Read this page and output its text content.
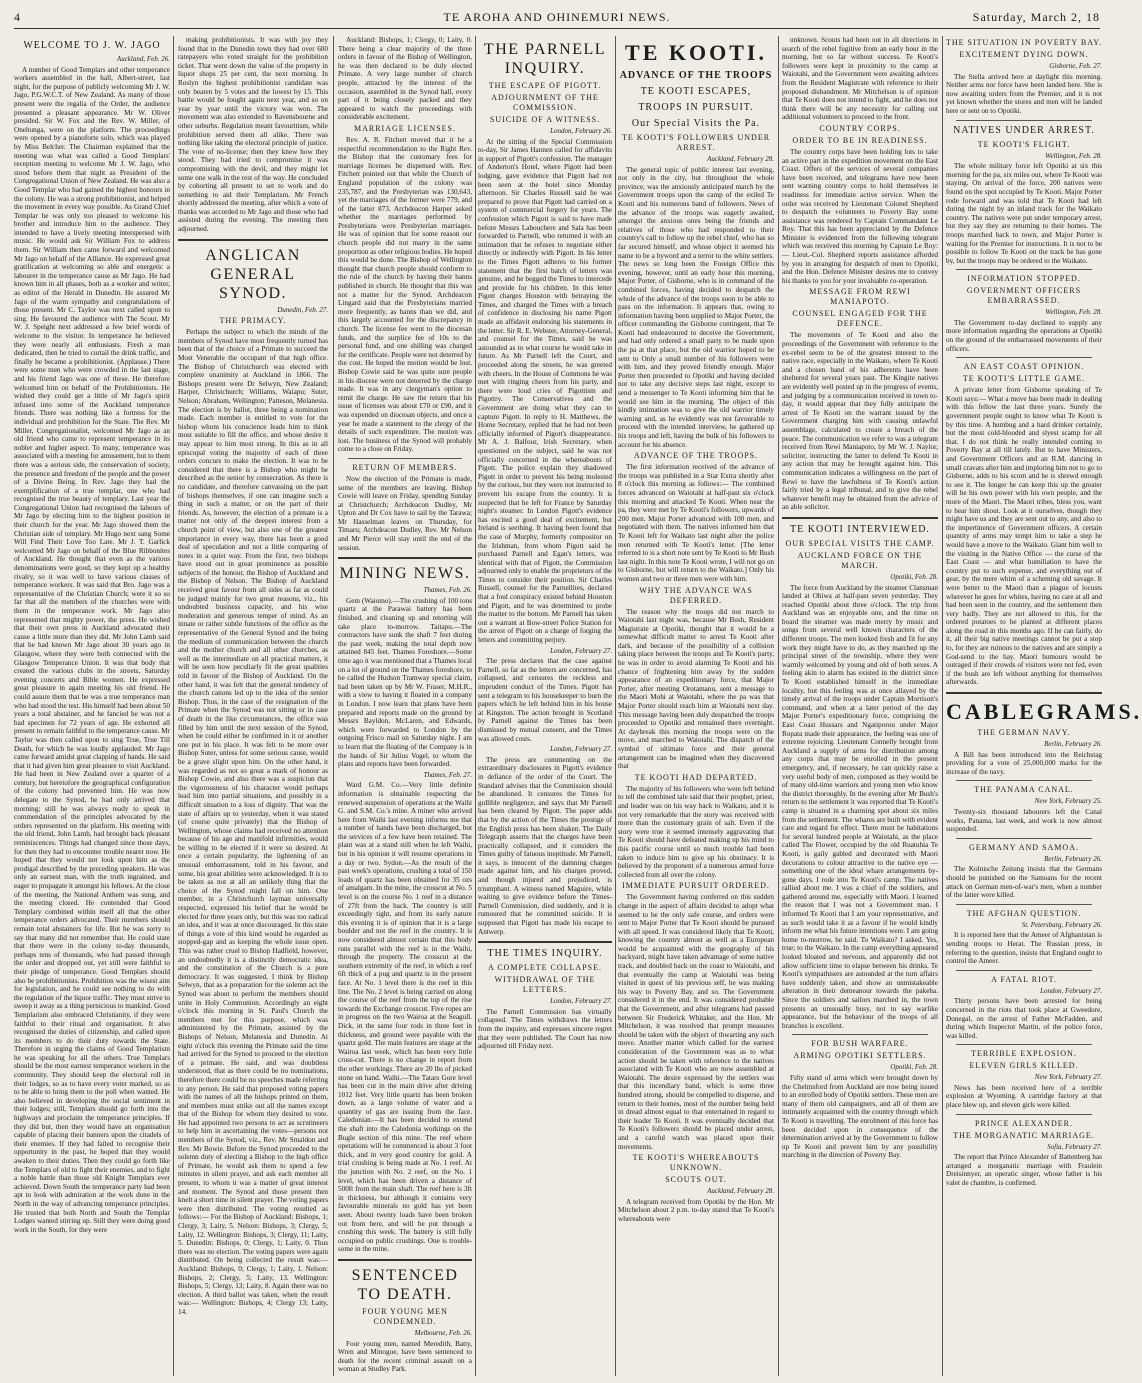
4	TE AROHA AND OHINEMURI NEWS.	Saturday, March 2, 18
WELCOME TO J. W. JAGO
Auckland, Feb. 26.

A number of Good Templars and other temperance workers assembled in the hall, Albert-street, last night, for the purpose of publicly welcoming Mr J. W. Jago, P.G.W.C.T. of New Zealand. As many of those present were the regalia of the Order, the audience presented a pleasant appearance. Mr W. Oliver presided. Sir W. Fox and the Rev. W. Miller, of Onehunga, were on the platform. The proceedings were opened by a pianoforte solo, which was played by Miss Belcher. The Chairman explained that the meeting was what was called a Good Templars' reception meeting to welcome Mr J. W. Jago, who stood before them that night as President of the Congregational Union of New Zealand. He was also a Good Templar who had gained the highest honours in the colony. He was a strong prohibitionist, and helped the movement in every way possible. As Grand Chief Templar he was only too pleased to welcome his brother and introduce him to the audience. They intended to have a lively meeting interspersed with music. He would ask Sir William Fox to address them. Sir William then came forward and welcomed Mr Jago on behalf of the Alliance. He expressed great gratification at welcoming so able and energetic a labourer in the temperance cause as Mr Jago. He had known him in all phases, both as a worker and writer, as editor of the Herald in Dunedin. He assured Mr Jago of the warm sympathy and congratulations of those present. Mr C. Taylor was next called upon to sing. He favoured the audience with The Scout. Mr W. J. Speight next addressed a few brief words of welcome to the visitor. In temperance he believed they were nearly all enthusiasts. Fresh a man dedicated, then he tried to curtail the drink traffic, and finally he became a prohibitionist. (Applause.) There were some men who were crowded in the last stage, and his friend Jago was one of these. He therefore welcomed him on behalf of the Prohibitionists. He wished they could get a little of Mr Jago's spirit infused into some of the Auckland temperance friends. There was nothing like a fortress for the individual and prohibition for the State. The Rev. Mr Miller, Congregationalist, welcomed Mr Jago as an old friend who came to represent temperance in its nobler and higher aspect. To many, temperance was associated with a meeting for amusement, but to them there was a serious side, the conservation of society, the presence and freedom of the people and the power of a Divine Being. In Rev. Jago they had the exemplification of a true templar, one who had recognised the true beauty of templary. Last year the Congregational Union had recognised the labours of Mr Jago by electing him to the highest position in their church for the year. Mr Jago showed them the Christian side of templary. Mr Hugo next sang Some Will Find Their Love Too Late. Mr J. T. Garlick welcomed Mr Jago on behalf of the Blue Ribbonites of Auckland. He thought that even as the various denominations were good, so they kept up a healthy rivalry, so it was well to have various classes of temperance workers. It was said that Bro. Jago was a representative of the Christian Church; were it so so far that all the members of the churches were with them in the temperance work. Mr Jago also represented that mighty power, the press. He wished that their own press in Auckland advocated their cause a little more than they did. Mr John Lamb said that he had known Mr Jago about 30 years ago in Glasgow, where they were both connected with the Glasgow Temperance Union. It was that body that created the various clubs in the streets, Saturday evening concerts and Bible women. He expressed great pleasure in again meeting his old friend. He could assure them that he was a true temperance man who had stood the test. His himself had been about 50 years a total abstainer, and he fancied he was not a bad specimen for 72 years of age. He exhorted all present to remain faithful to the temperance cause. Mr Taylor was then called upon to sing True, True Till Death, for which he was loudly applauded. Mr Jago came forward amidst great clapping of hands. He said that it had given him great pleasure to visit Auckland. He had been in New Zealand over a quarter of a century, but heretofore the geographical configuration of the colony had prevented him. He was now delegate to the Synod, he had only arrived that morning; still he was always ready to speak in commendation of the principles advocated by the orders represented on the platform. His meeting with the old friend, John Lamb, had brought back pleasant reminiscences. Things had changed since those days, for then they had to encounter trouble nearer now. He hoped that they would not look upon him as the prodigal described by the preceding speakers. He was only an earnest man, with the truth ingrained, and eager to propagate it amongst his fellows. At the close of the meeting, the National Anthem was sung, and the meeting closed. He contended that Good Templary combined within itself all that the other temperance orders advocated. Their members should remain total abstainers for life. But he was sorry to say that many did not remember that. He could state that there were in the colony to-day thousands, perhaps tens of thousands, who had passed through the order and dropped out, yet still were faithful to their pledge of temperance. Good Templars should also be prohibitionists. Prohibition was the wisest aim for legislation, and he could see nothing to do with the regulation of the liquor traffic. They must strive to sweep it away as a thing pernicious to mankind. Good Templarism also embraced Christianity, if they were faithful to their ritual and organisation. It also recognised the duties of citizenship, and called upon its members to do their duty towards the State. Therefore in urging the claims of Good Templarism he was speaking for all the others. True Templars should be the most earnest temperance workers in the community. They should keep the electoral roll in their lodges, so as to have every voter marked, so as to be able to bring them to the poll when wanted. He also believed in developing the social sentiment in their lodges; still, Templars should go forth into the highways and proclaim the temperance principles. If they did but, then they would have an organisation capable of placing their banners upon the citadels of their enemies. If they had failed to recognise their opportunity in the past, he hoped that they would awaken to their duties. Then they could go forth like the Templars of old to fight their enemies, and to fight a noble battle than those old Knight Templars ever achieved. Down South the temperance party had been apt to look with admiration at the work done in the North in the way of advancing temperance principles. He trusted that both North and South the Templar Lodges wanted stirring up. Still they were doing good work in the South, for they were

making prohibitionists. It was with joy they found that in the Dunedin town they had over 600 ratepayers who voted straight for the prohibition ticket. That went down the value of the property in liquor shops 25 per cent, the next morning. In Roslyn the highest prohibitionist candidate was only beaten by 5 votes and the lowest by 15. This battle would be fought again next year, and so on year by year until the victory was won. The movement was also extended to Ravensbourne and other suburbs. Regulation meant favouritism, while prohibition served them all alike. There was nothing like taking the electoral principle of justice. The vote of no-license; then they knew how they stood. They had tried to compromise it was compromising with the devil, and they might let some one walk in the rest of the way. He concluded by cohorting all present to set to work and do something to aid their Templarism. Mr French shortly addressed the meeting, after which a vote of thanks was accorded to Mr Jago and those who had assisted during the evening. The meeting then adjourned.

ANGLICAN GENERAL SYNOD.
Dunedin, Feb. 27.
THE PRIMACY.

Perhaps the subject to which the minds of the members of Synod have most frequently turned has been that of the choice of a Primate to succeed the Most Venerable the occupant of that high office. The Bishop of Christchurch was elected with complete unanimity at Auckland in 1866. The Bishops present were Dr Selwyn, New Zealand; Harper, Christchurch; Williams, Waiapu; Suter, Nelson; Abraham, Wellington; Patteson, Melanesia. The election is by ballot, three being a nomination made. Each member is entitled to vote for the bishop whom his conscience leads him to think most suitable to fill the office, and whose desire it may appear to him most strong. In this as in all episcopal voting the majority of each of three orders concurs to make the election. It was to be considered that there is a Bishop who might be described as the senior by consecration. As there is no candidate, and therefore canvassing on the part of bishops themselves, if one can imagine such a thing in such a matter, or on the part of their friends. As, however, the election of a primate is a matter not only of the deepest interest from a church point of view, but also one of the greatest importance in every way, there has been a good deal of speculation and not a little comparing of notes in a quiet way. From the first, two bishops have stood out in great prominence as possible subjects of the honour, the Bishop of Auckland and the Bishop of Nelson. The Bishop of Auckland received great favour from all sides as far as could be judged mainly for two great reasons, viz., his undoubted business capacity, and his wise moderation and generous temper of mind. As an innate or rather subtle functions of the office as the representative of the General Synod and the being the medium of communication between the church and the mother church and all other churches, as well as the intermediate on all practical matters, it will be seen how peculiarly fit the great qualities told in favour of the Bishop of Auckland. On the other hand, it was felt that the general tendency of the church canons led up to the idea of the senior Bishop. Thus, in the case of the resignation of the Primate when the Synod was not sitting or in case of death in the like circumstances, the office was filled by him until the next session of the Synod, when he could either be confirmed in it or another one put in his place. It was felt to be more over Bishop Suter, unless for some serious cause, would be a grave slight upon him. On the other hand, it was regarded as not so great a mark of honour as Bishop Cowie, and also there was a suspicion that the vigorousness of his character would perhaps lead him into partial situations, and possibly in a difficult situation to a loss of dignity. That was the state of affairs up to yesterday, when it was stated (of course quite privately) that the Bishop of Wellington, whose claims had received no attention because of his age and manifold infirmities, would be willing to be elected if it were so desired. At once a certain popularity, the lightening of an unusual embarrassment, told in his favour, and some, his great abilities were acknowledged. It is to be taken as not at all an unlikely thing that the choice of the Synod might fall on him. One member, in a Christchurch layman universally respected, expressed his belief that he would be elected for three years only, but this was too radical an idea, and it was at once discouraged. In this state of things a vote of this kind would be regarded as stopped-gap and as keeping the whole issue open. This was rather cruel to Bishop Hadfield, however, an undoubtedly it is a distinctly democratic idea, and the constitution of the Church is a pure democracy. It was suggested, I think by Bishop Selwyn, that as a preparation for the solemn act the Synod was about to perform the members should unite in Holy Communion. Accordingly an eight o'clock this morning in St. Paul's Church the members met for this purpose, which was administered by the Primate, assisted by the Bishops of Nelson, Melanesia and Dunedin. At eight o'clock this evening the Primate said the time had arrived for the Synod to proceed to the election of a primate. He said, and was doubtless understood, that as there could be no nominations, therefore there could be no speeches made referring to any person. He said that proposed voting papers with the names of all the bishops printed on them, and members must strike out all the names except that of the Bishop for whom they desired to vote. He had appointed two persons to act as scrutineers to help him in ascertaining the votes—persons not members of the Synod, viz., Rev. Mr Smaldon and Rev. Mr Bowie. Before the Synod proceeded to the solemn duty of electing a Bishop to the high office of Primate, he would ask them to spend a few minutes in silent prayer, and ask each member all present, to whom it was a matter of great interest and moment. The Synod and those present then knelt a short time in silent prayer. The voting papers were then distributed. The voting resulted as follows:— For the Bishop of Auckland: Bishops, 1; Clergy, 3; Laity, 5. Nelson: Bishops, 3; Clergy, 5; Laity, 12. Wellington: Bishops, 3; Clergy, 11; Laity, 5. Dunedin: Bishops, 0; Clergy, 1; Laity, 0. Thus there was no election. The voting papers were again distributed. On being collected the result was:— Auckland: Bishops, 0; Clergy, 1; Laity, 1. Nelson: Bishops, 2; Clergy, 5; Laity, 13. Wellington: Bishops, 5; Clergy, 13; Laity, 8. Again there was no election. A third ballot was taken, when the result was:— Wellington: Bishops, 4; Clergy 13; Laity, 14.

Auckland: Bishops, 1; Clergy, 0; Laity, 0. There being a clear majority of the three orders in favour of the Bishop of Wellington, he was then declared to be duly elected Primate. A very large number of church people, attracted by the interest of the occasion, assembled in the Synod hall, every part of it being closely packed and they appeared to watch the proceedings with considerable excitement.

MARRIAGE LICENSES.

Rev. A. R. Fitchett moved that it be a respectful recommendation to the Right Rev. the Bishop that the customary fees for marriage licenses be dispensed with. Rev. Fitchett pointed out that while the Church of England population of the colony was 235,787, and the Presbyterian was 130,643, yet the marriages of the former were 779, and of the latter 873. Archdeacon Harper asked whether the marriages performed by Presbyterians were Presbyterian marriages. He was of opinion that for some reason our church people did not marry in the same proportion as other religious bodies. He hoped this would be done. The Bishop of Wellington thought that church people should conform to the rule of the church by having their banns published in church. He thought that this was not a matter for the Synod. Archdeacon Lingard said that the Presbyterians married more frequently, as banns than we did, and this largely accounted for the discrepancy in church. The license fee went to the diocesan funds, and the surplice fee of 10s to the personal fund, and one shilling was charged for the certificate. People were not deterred by the cost. He hoped the motion would be lost. Bishop Cowie said he was quite sure people in his diocese were not deterred by the charge made. It was in any clergyman's option to remit the charge. He saw the return that his issue of licenses was about £70 or £90, and it was expended on diocesan objects, and once a year he made a statement to the clergy of the details of such expenditure. The motion was lost. The business of the Synod will probably come to a close on Friday.

RETURN OF MEMBERS.

Now the election of the Primate is made, some of the members are leaving. Bishop Cowie will leave on Friday, spending Sunday at Christchurch; Archdeacon Dudley, Mr Upton and Dr Cox have to sail by the Tarawa; Mr Hasselman leaves on Thursday, for Timaru; Archdeacon Dudley, Rev. Mr Nelson and Mr Pierce will stay until the end of the session.

MINING NEWS.
Thames, Feb. 26.

Gem (Waiomo).—The crushing of 100 tons quartz at the Parawai battery has been finished, and cleaning up and retorting will take place to-morrow. Taitapu.—The contractors have sunk the shaft 7 feet during the past week, making the total depth now attained 845 feet. Thames Foreshore.—Some time ago it was mentioned that a Thames local on a lot of ground on the Thames foreshore, to be called the Hudson Tramway special claim, had been taken up by Mr W. Fraser, M.H.R., with a view to having it floated in a company in London. I now learn that plans have been prepared and reports made on the ground by Messrs Bayldon, McLaren, and Edwards, which were forwarded to London by the outgoing Frisco mail on Saturday night. I am to learn that the floating of the Company is in the hands of Sir Julius Vogel, to whom the plans and reports have been forwarded.

Thames, Feb. 27.

Ward G.M. Co.—Very little definite information is obtainable respecting the renewed suspension of operations at the Waihi G. and S.M. Co.'s mine. A miner who arrived here from Waihi last evening informs me that a number of hands have been discharged, but the services of a few have been retained. The plant was at a stand still when he left Waihi, but in his opinion it will resume operations in a day or two. Sydon.—As the result of the past week's operations, crushing a total of 150 loads of quartz has been obtained for 35 ozs of amalgam. In the mine, the crosscut at No. 5 level is on the course No. 1 reef in a distance of 27ft from the back. The country is still exceedingly tight, and from its early nature this evening it is of opinion that it is a large boulder and not the reef in the country. It is now considered almost certain that this body runs parallel with the reef is in the Waihi, through the property. The crosscut at the southern extremity of the reef, in which a reef 6ft thick of a pug and quartz is in the present face. At No. 1 level there is the reef in this line. The No. 2 level is being carried on along the course of the reef from the top of the rise towards the Exchange crosscut. Five ropes are in progress on the two Wairoa at the Seagull. Dick, in the same four rods in three feet in thickness, and ground were payable with the quartz gold. The main features are stage at the Wairoa last week, which has been very little cross-cut. There is no change in report from the other workings. There are 20 lbs of picked stone on hand. Waihi.—The Tatars Gore level has been cut in the main drive after driving 1012 feet. Very little quartz has been broken down, as a large volume of water and a quantity of gas are issuing from the face. Caledonian.—It has been decided to extend the shaft into the Caledonia workings on the Bugle section of this mine. The reef where operations will be commenced is about 3 foot thick, and in very good country for gold. A trial crushing is being made at No. 1 reef. At the junction with No. 2 reef, on the No. 1 level, which has been driven a distance of 500ft from the main shaft. The reef here is 3ft in thickness, but although it contains very favourable minerals no gold has yet been seen. About twenty loads have been broken out from here, and will be put through a crushing this week. The battery is still fully occupied on public crushings. One is trouble-some in the mine.

SENTENCED TO DEATH.
FOUR YOUNG MEN CONDEMNED.
Melbourne, Feb. 26.

Four young men, named Meredith, Batty, Wren and Minogue, have been sentenced to death for the recent criminal assault on a woman at Studley Park.

THE PARNELL INQUIRY.
THE ESCAPE OF PIGOTT.
ADJOURNMENT OF THE COMMISSION.
SUICIDE OF A WITNESS.
London, February 26.

At the sitting of the Special Commission to-day, Sir James Hannen called for affidavits in support of Pigott's confession. The manager of Anderton's Hotel, where Pigott had been lodging, gave evidence that Pigott had not been seen at the hotel since Monday afternoon. Sir Charles Russell said he was prepared to prove that Pigott had carried on a system of commercial forgery for years. The confession which Pigott is said to have made before Messrs Labouchere and Sala has been forwarded to Parnell, who returned it with an intimation that he refuses to negotiate either directly or indirectly with Pigott. In his letter to the Times Pigott adheres to his former statement that the first batch of letters was genuine, and he begged the Times to intercede and provide for his children. In this letter Pigott charges Houston with betraying the Times, and charged the Times with a breach of confidence in disclosing his name Pigott made an affidavit endorsing his statements in the letter. Sir R. E. Webster, Attorney-General, and counsel for the Times, said he was astounded as to what course he would take in future. As Mr Parnell left the Court, and proceeded along the streets, he was greeted with cheers. In the House of Commons he was met with ringing cheers from his party, and there were loud cries of Pigottism and Pigottry. The Conservatives and the Government are doing what they can to capture Pigott. In reply to H. Matthews, the Home Secretary, replied that he had not been officially informed of Pigott's disappearance. Mr A. J. Balfour, Irish Secretary, when questioned on the subject, said he was not officially concerned in the whereabouts of Pigott. The police explain they shadowed Pigott in order to prevent his being molested by the curious, but they were not instructed to prevent his escape from the country. It is suspected that he left for France by Saturday night's steamer. In London Pigott's evidence has excited a good deal of excitement, but Ireland is seething. It having been found that the case of Murphy, formerly compositor on the Irishman, from whom Pigott said he purchased Parnell and Egan's letters, was identical with that of Pigott, the Commission adjourned only to enable the proprietors of the Times to consider their position. Sir Charles Russell, counsel for the Parnellites, declared that a foul conspiracy existed behind Houston and Pigott, and he was determined to probe the matter to the bottom. Mr Parnell has taken out a warrant at Bow-street Police Station for the arrest of Pigott on a charge of forging the letters and committing perjury.

London, February 27.

The press declares that the case against Parnell, so far as the letters are concerned, has collapsed, and censures the reckless and imprudent conduct of the Times. Pigott has sent a telegram to his housekeeper to burn the papers which he left behind him in his house at Kingston. The action brought in Scotland by Parnell against the Times has been dismissed by mutual consent, and the Times was allowed costs.

London, February 27.

The press are commenting on the extraordinary disclosures in Pigott's evidence in defiance of the order of the Court. The Standard advises that the Commission should be abandoned. It censures the Times for gullible negligence, and says that Mr Parnell has been cleared by Pigott. The paper adds that by the action of the Times the prestige of the English press has been shaken. The Daily Telegraph asserts that the charges have been practically collapsed, and it considers the Times guilty of fatuous ineptitude. Mr Parnell, it says, is innocent of the damning charges made against him, and his charges proved, and though injured and prejudiced, is triumphant. A witness named Maguire, while waiting to give evidence before the Times-Parnell Commission, died suddenly, and it is rumoured that he committed suicide. It is supposed that Pigott has made his escape to Antwerp.

THE TIMES INQUIRY.
A COMPLETE COLLAPSE.
WITHDRAWAL OF THE LETTERS.
London, February 27.

The Parnell Commission has virtually collapsed. The Times withdraws the letters from the inquiry, and expresses sincere regret that they were published. The Court has now adjourned till Friday next.

TE KOOTI.
ADVANCE OF THE TROOPS
TE KOOTI ESCAPES,
TROOPS IN PURSUIT.
Our Special Visits the Pa.
TE KOOTI'S FOLLOWERS UNDER ARREST.
Auckland, February 28.

The general topic of public interest last evening, not only in the city, but throughout the whole province, was the anxiously anticipated march by the Government troops upon the camp of the exiled Te Kooti and his numerous band of followers. News of the advance of the troops was eagerly awaited, amongst the anxious ones being the friends and relatives of those who had responded to their country's call to follow up the rebel chief, who has so far secured himself, and whose object it seemed his name to be a byword and a terror to the white settlers. The news so long been the Foreign Office this evening, however, until an early hour this morning, Major Porter, of Gisborne, who is in command of the combined forces, having decided to despatch the whole of the advance of the troops soon to be able to pass on the information. It appears that, owing to information having been supplied to Major Porter, the officer commanding the Gisborne contingent, that Te Kooti had endeavoured to deceive the Government, and had only ordered a small party to be made upon the pa at that place, but the old warrior hoped to be sent to Only a small number of his followers were with him, and they proved friendly enough. Major Porter then proceeded to Opotiki and having decided not to take any decisive steps last night, except to send a messenger to Te Kooti informing him that he would see him in the morning. The object of this kindly intimation was to give the old warrior timely warning and, as he evidently was not favourable to proceed with the intended interview, he gathered up his troops and left, having the bulk of his followers to account for his absence.

ADVANCE OF THE TROOPS.

The first information received of the advance of the troops was published in a Star Extra shortly after 8 o'clock this morning as follows:— The combined forces advanced on Waiotahi at half-past six o'clock this morning and attacked Te Kooti. When near the pa, they were met by Te Kooti's followers, upwards of 200 men. Major Porter advanced with 100 men, and negotiated with them. The natives informed him that Te Kooti left for Waikato last night after the police men returned with Te Kooti's letter. [The letter referred to is a short note sent by Te Kooti to Mr Bush last night. In this note Te Kooti wrote, I will not go on to Gisborne, but will return to the Waikato.] Only his women and two or three men were with him.

WHY THE ADVANCE WAS DEFERRED.

The reason why the troops did not march to Waiotahi last night was, because Mr Bush, Resident Magistrate at Opotiki, thought that it would be a somewhat difficult matter to arrest Te Kooti after dark, and because of the possibility of a collision taking place between the troops and Te Kooti's party, he was in order to avoid alarming Te Kooti and his chance of frightening him away by the sudden appearance of an expeditionary force, that Major Porter, after meeting Orotamanu, sent a message to the Maori Mohi at Waiotahi, where the pa was that Major Porter should reach him at Waiotahi next day. This message having been duly despatched the troops proceeded to Opotiki and remained there overnight. At daybreak this morning the troops were on the move, and marched to Waiotahi. The dispatch of the symbol of ultimate force and their general arrangement can be imagined when they discovered that

TE KOOTI HAD DEPARTED.

The majority of his followers who were left behind to tell the combined tale said that their prophet, priest, and leader was on his way back to Waikato, and it is not very remarkable that the story was received with more than the customary grain of salt. Even if the story were true it seemed intensely aggravating that Te Kooti should have defeated making up his mind to this pacific course until so much trouble had been taken to induce him to give up his obstinacy. It is believed by the proponent of a numerous armed force collected from all over the colony.

IMMEDIATE PURSUIT ORDERED.

The Government having conferred on this sudden change in the aspect of affairs decided to adopt what seemed to be the only safe course, and orders were sent to Major Porter that Te Kooti should be pursued with all speed. It was considered likely that Te Kooti, knowing the country almost as well as a European would be acquainted with the geography of his backyard, might have taken advantage of some native track, and doubled back on the coast to Waiotahi, and that eventually the camp at Waiotahi was being visited in quest of his previous self, he was making his way to Poverty Bay, and so. The Government considered it in the end. It was considered probable that the Government, and after telegrams had passed between Sir Frederick Whitaker, and the Hon. Mr Mitchelson, it was resolved that prompt measures should be taken with the object of thwarting any such move. Another matter which called for the earnest consideration of the Government was as to what action should be taken with reference to the natives associated with Te Kooti who are now assembled at Waiotahi. The desire expressed by the settlers was that this incendiary band, which is some three hundred strong, should be compelled to disperse, and return to their homes, most of the number being held in dread almost equal to that entertained in regard to their leader Te Kooti. It was eventually decided that Te Kooti's followers should be placed under arrest, and a careful watch was placed upon their movements.

TE KOOTI'S WHEREABOUTS UNKNOWN.
SCOUTS OUT.
Auckland, February 28.

A telegram received from Opotiki by the Hon. Mr Mitchelson about 2 p.m. to-day stated that Te Kooti's whereabouts were

unknown. Scouts had been out in all directions in search of the rebel fugitive from an early hour in the morning, but so far without success. Te Kooti's followers were kept in proximity to the camp at Waiotahi, and the Government were awaiting advices from the Resident Magistrate with reference to their proposed disbandment. Mr Mitchelson is of opinion that Te Kooti does not intend to fight, and he does not think there will be any necessity for calling out additional volunteers to proceed to the front.

COUNTRY CORPS.
ORDER TO BE IN READINESS.

The country corps have been holding lots to take an active part in the expedition movement on the East Coast. Offers of the services of several companies have been received, and telegrams have now been sent warning country corps to hold themselves in readiness for immediate active service. When the order was received by Lieutenant Colonel Shepherd to despatch the volunteers to Poverty Bay some assistance was rendered by Captain Commandant Le Roy. That this has been appreciated by the Defence Minister is evidenced from the following telegram which was received this morning by Captain Le Roy:— Lieut.-Col. Shepherd reports assistance afforded by you in arranging for despatch of men to Opotiki, and the Hon. Defence Minister desires me to convey his thanks to you for your invaluable co-operation.

MESSAGE FROM REWI MANIAPOTO.
COUNSEL ENGAGED FOR THE DEFENCE.

The movements of Te Kooti and also the proceedings of the Government with reference to the ex-rebel seem to be of the greatest interest to the native race, especially in the Waikato, where Te Kooti and a chosen band of his adherents have been sheltered for several years past. The Kingite natives are evidently well posted up in the progress of events, and judging by a communication received in town to-day, it would appear that they fully anticipate the arrest of Te Kooti on the warrant issued by the Government charging him with causing unlawful assemblage, calculated to create a breach of the peace. The communication we refer to was a telegram received from Rewi Maniapoto, by Mr W. J. Naylor, solicitor, instructing the latter to defend Te Kooti in any action that may be brought against him. This communication indicates a willingness on the part of Rewi to have the lawfulness of Te Kooti's action fairly tried by a legal tribunal, and to give the rebel whatever benefit may be obtained from the advice of an able solicitor.

TE KOOTI INTERVIEWED.
OUR SPECIAL VISITS THE CAMP.
AUCKLAND FORCE ON THE MARCH.
Opotiki, Feb. 28.

The force from Auckland by the steamer Clansman landed at Ohiwa at half-past seven yesterday. They reached Opotiki about three o'clock. The trip from Auckland was an enjoyable one, and the time on board the steamer was made merry by music and songs from several well known characters of the different troops. The men looked fresh and fit for any work they might have to do, as they marched up the principal street of the township, where they were warmly welcomed by young and old of both sexes. A feeling akin to alarm has existed in the district since Te Kooti established himself in the immediate locality, but this feeling was at once allayed by the timely arrival of the troops under Captain Morrison's command, and when at a later period of the day Major Porter's expeditionary force, comprising the East Coast Hussars and Ngatiporou under Major Ropata made their appearance, the feeling was one of extreme rejoicing. Lieutenant Connelly brought from Auckland a supply of arms for distribution among any corps that may be enrolled in the present emergency, and, if necessary, he can quickly raise a very useful body of men, composed as they would be of many old-time warriors and young men who know the district thoroughly. In the evening after Mr Bush's return to the settlement it was reported that Te Kooti's camp is situated in a charming spot about six miles from the settlement. The whares are built with evident care and regard for effect. There must be habitations for several hundred people at Waiotahi, as the place called The Flower, occupied by the old Ruatuhia Te Kooti, is gaily gabled and decorated with Maori decorations to colour attractive to the native eye — something one of the ideal whare arrangements by-gone days. I rode into Te Kooti's camp. The natives rallied about me. I was a chief of the soldiers, and gathered around me, especially with Maori. I learned the reason that I was not a Government man. I informed Te Kooti that I am your representative, and as such would take it as a favour if he would kindly inform me what his future intentions were. I am going home to-morrow, he said. To Waikato? I asked. Yes, true; to the Waikato. In the camp everything appeared looked bloated and nervous, and apparently did not allow sufficient time to elapse between his drinks. Te Kooti's sympathisers are astounded at the turn affairs have suddenly taken, and show an unmistakeable alteration in their demeanour towards the pakeha. Since the soldiers and sailors marched in, the town presents an unusually busy, not to say warlike appearance, but the behaviour of the troops of all branches is excellent.

FOR BUSH WARFARE.
ARMING OPOTIKI SETTLERS.
Opotiki, Feb. 28.

Fifty stand of arms which were brought down by the Chelmsford from Auckland are now being issued to an enrolled body of Opotiki settlers. These men are many of them old campaigners, and all of them are intimately acquainted with the country through which Te Kooti is travelling. The enrolment of this force has been decided upon in consequence of the determination arrived at by the Government to follow up Te Kooti and prevent him by any possibility marching in the direction of Poverty Bay.

THE SITUATION IN POVERTY BAY.
EXCITEMENT DYING DOWN.
Gisborne, Feb. 27.

The Stella arrived here at daylight this morning. Neither arms nor force have been landed here. She is now awaiting orders from the Premier, and it is not yet known whether the stores and men will be landed here or sent on to Opotiki.

NATIVES UNDER ARREST.
TE KOOTI'S FLIGHT.
Wellington, Feb. 28.

The whole military force left Opotiki at six this morning for the pa, six miles out, where Te Kooti was staying. On arrival of the force, 200 natives were found on the spot occupied by Te Kooti. Major Porter rode forward and was told that Te Kooti had left during the night by an inland track for the Waikato country. The natives were put under temporary arrest, but they say they are returning to their homes. The troops marched back to town, and Major Porter is waiting for the Premier for instructions. It is not to be possible to follow Te Kooti on the track he has gone by, but the troops may be ordered to the Waikato.

INFORMATION STOPPED.
GOVERNMENT OFFICERS EMBARRASSED.
Wellington, Feb. 28.

The Government to-day declined to supply any more information regarding the operations at Opotiki on the ground of the embarrassed movements of their officers.

AN EAST COAST OPINION.
TE KOOTI'S LITTLE GAME.

A private letter from Gisborne speaking of Te Kooti says:— What a move has been made in dealing with this fellow the last three years. Surely the government people ought to know what Te Kooti is by this time. A humbug and a hard drinker certainly, but the most cold-blooded and slyest scamp for all that. I do not think he really intended coming to Poverty Bay at all till lately. But to have Ministers, and Government Officers and an R.M. dancing in small cravats after him and imploring him not to go to Gisborne, adds to his scorn and he is shrewd enough to see it. The longer he can keep this up the greater will be his own power with his own people, and the more of the Maori. The Maori tribes, bless you, want to hear him shout. Look at it ourselves, though they might have us and they are sent out to any, and also to the impertinence of Government officers. A certain quantity of arms may tempt him to take a step he would have a move to the Waikato. Giant him well to the visiting in the Native Office — the curse of the East Coast — and what humiliation to have the country put to such expense, and everything out of gear, by the mere whim of a scheming old savage. It were better to the Maori than a plague of locusts wherever he goes for whites, having no care at all and had been seen in the country, and the settlement then very badly. They are not allowed to this, for the ordered potatoes to be planted at different places along the road in this months ago. If he can fairly, do it, all their big native meetings cannot be put a stop to, for they are ruinous to the natives and are simply a God-send to the bay. Maori humours would be outraged if their crowds of visitors were not fed, even if the bush are left without anything for themselves afterwards.

CABLEGRAMS.
THE GERMAN NAVY.
Berlin, February 26.

A Bill has been introduced into the Reichstag providing for a vote of 25,000,000 marks for the increase of the navy.

THE PANAMA CANAL.
New York, February 25.

Twenty-six thousand labourers left the Canal works, Panama, last week, and work is now almost suspended.

GERMANY AND SAMOA.
Berlin, February 26.

The Kolnische Zeitung insists that the Germans should be punished on the Samoans for the recent attack on German men-of-war's men, when a number of the latter were killed.

THE AFGHAN QUESTION.
St. Petersburg, February 26.

It is reported here that the Ameer of Afghanistan is sending troops to Herat. The Russian press, in referring to the question, insists that England ought to control the Ameer.

A FATAL RIOT.
London, February 27.

Thirty persons have been arrested for being concerned in the riots that took place at Gweedore, Donegal, on the arrest of Father McFadden, and during which Inspector Martin, of the police force, was killed.

TERRIBLE EXPLOSION.
ELEVEN GIRLS KILLED.
New York, February 27.

News has been received here of a terrible explosion at Wyoming. A cartridge factory at that place blew up, and eleven girls were killed.

PRINCE ALEXANDER.
THE MORGANATIC MARRIAGE.
Sofia, February 27.

The report that Prince Alexander of Battenberg has arranged a morganatic marriage with Fraulein Dreisinnyer, an operatic singer, whose father is his valet de chambre, is confirmed.
